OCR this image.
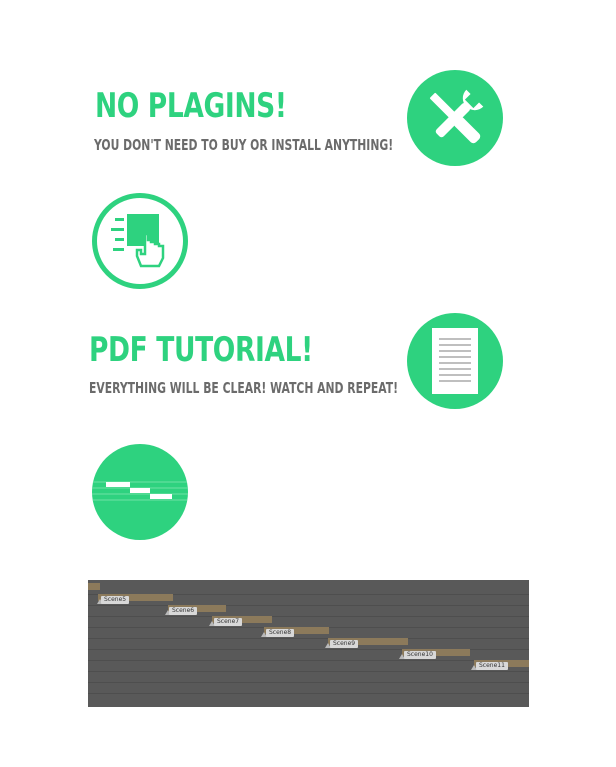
NO PLAGINS!

YOU DON'T NEED TO BUY OR INSTALL ANYTHING!

PDF TUTORIAL!

EVERYTHING WILL BE CLEAR! WATCH AND REPEAT!

Scene5
Scene6
Scene7
Scene8
Scene9
Scene10
Scene11
